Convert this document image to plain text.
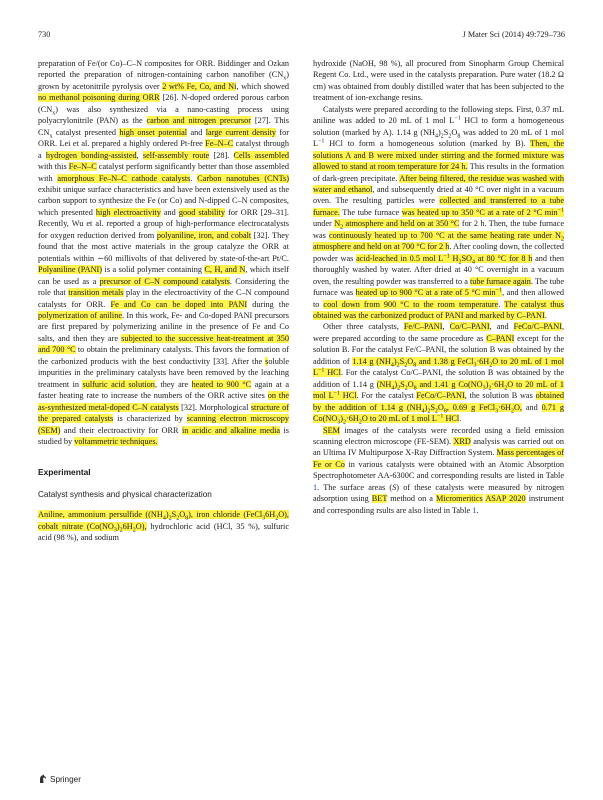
730	J Mater Sci (2014) 49:729–736

preparation of Fe/(or Co)–C–N composites for ORR. Biddinger and Ozkan reported the preparation of nitrogen-containing carbon nanofiber $(CN_x)$ grown by acetonitrile pyrolysis over 2 wt% Fe, Co, and Ni, which showed no methanol poisoning during ORR [26]. N-doped ordered porous carbon $(CN_x)$ was also synthesized via a nano-casting process using polyacrylonitrile (PAN) as the carbon and nitrogen precursor [27]. This $CN_x$ catalyst presented high onset potential and large current density for ORR. Lei et al. prepared a highly ordered Pt-free Fe–N–C catalyst through a hydrogen bonding-assisted, self-assembly route [28]. Cells assembled with this Fe–N–C catalyst perform significantly better than those assembled with amorphous Fe–N–C cathode catalysts. Carbon nanotubes (CNTs) exhibit unique surface characteristics and have been extensively used as the carbon support to synthesize the Fe (or Co) and N-dipped C–N composites, which presented high electroactivity and good stability for ORR [29–31]. Recently, Wu et al. reported a group of high-performance electrocatalysts for oxygen reduction derived from polyaniline, iron, and cobalt [32]. They found that the most active materials in the group catalyze the ORR at potentials within ∼60 millivolts of that delivered by state-of-the-art Pt/C. Polyaniline (PANI) is a solid polymer containing C, H, and N, which itself can be used as a precursor of C–N compound catalysts. Considering the role that transition metals play in the electroactivity of the C–N compound catalysts for ORR. Fe and Co can be doped into PANI during the polymerization of aniline. In this work, Fe- and Co-doped PANI precursors are first prepared by polymerizing aniline in the presence of Fe and Co salts, and then they are subjected to the successive heat-treatment at 350 and 700 °C to obtain the preliminary catalysts. This favors the formation of the carbonized products with the best conductivity [33]. After the soluble impurities in the preliminary catalysts have been removed by the leaching treatment in sulfuric acid solution, they are heated to 900 °C again at a faster heating rate to increase the numbers of the ORR active sites on the as-synthesized metal-doped C–N catalysts [32]. Morphological structure of the prepared catalysts is characterized by scanning electron microscopy (SEM) and their electroactivity for ORR in acidic and alkaline media is studied by voltammetric techniques.

Experimental
Catalyst synthesis and physical characterization

Aniline, ammonium persulfide $((NH_4)_2S_2O_8)$, iron chloride $(FeCl_36H_2O)$, cobalt nitrate $(Co(NO_3)_26H_2O)$, hydrochloric acid (HCl, 35 %), sulfuric acid (98 %), and sodium

hydroxide (NaOH, 98 %), all procured from Sinopharm Group Chemical Regent Co. Ltd., were used in the catalysts preparation. Pure water (18.2 Ω cm) was obtained from doubly distilled water that has been subjected to the treatment of ion-exchange resins.

Catalysts were prepared according to the following steps. First, 0.37 mL aniline was added to 20 mL of 1 mol $L^{-1}$ HCl to form a homogeneous solution (marked by A). 1.14 g $(NH_4)_2S_2O_8$ was added to 20 mL of 1 mol $L^{-1}$ HCl to form a homogeneous solution (marked by B). Then, the solutions A and B were mixed under stirring and the formed mixture was allowed to stand at room temperature for 24 h. This results in the formation of dark-green precipitate. After being filtered, the residue was washed with water and ethanol, and subsequently dried at 40 °C over night in a vacuum oven. The resulting particles were collected and transferred to a tube furnace. The tube furnace was heated up to 350 °C at a rate of 2 °C $\min^{-1}$ under $N_2$ atmosphere and held on at 350 °C for 2 h. Then, the tube furnace was continuously heated up to 700 °C at the same heating rate under $N_2$ atmosphere and held on at 700 °C for 2 h. After cooling down, the collected powder was acid-leached in 0.5 mol $L^{-1}$ $H_2SO_4$ at 80 °C for 8 h and then thoroughly washed by water. After dried at 40 °C overnight in a vacuum oven, the resulting powder was transferred to a tube furnace again. The tube furnace was heated up to 900 °C at a rate of 5 °C $\min^{-1}$, and then allowed to cool down from 900 °C to the room temperature. The catalyst thus obtained was the carbonized product of PANI and marked by C–PANI.

Other three catalysts, Fe/C–PANI, Co/C–PANI, and FeCo/C–PANI, were prepared according to the same procedure as C–PANI except for the solution B. For the catalyst Fe/C–PANI, the solution B was obtained by the addition of 1.14 g $(NH_4)_2S_2O_8$ and 1.38 g $FeCl_3\cdot 6H_2O$ to 20 mL of 1 mol $L^{-1}$ HCl. For the catalyst Co/C–PANI, the solution B was obtained by the addition of 1.14 g $(NH_4)_2S_2O_8$ and 1.41 g $Co(NO_3)_2\cdot 6H_2O$ to 20 mL of 1 mol $L^{-1}$ HCl. For the catalyst FeCo/C–PANI, the solution B was obtained by the addition of 1.14 g $(NH_4)_2S_2O_8$, 0.69 g $FeCl_3\cdot 6H_2O$, and 0.71 g $Co(NO_3)_2\cdot 6H_2O$ to 20 mL of 1 mol $L^{-1}$ HCl.

SEM images of the catalysts were recorded using a field emission scanning electron microscope (FE-SEM). XRD analysis was carried out on an Ultima IV Multipurpose X-Ray Diffraction System. Mass percentages of Fe or Co in various catalysts were obtained with an Atomic Absorption Spectrophotometer AA-6300C and corresponding results are listed in Table 1. The surface areas (S) of these catalysts were measured by nitrogen adsorption using BET method on a Micromeritics ASAP 2020 instrument and corresponding rsults are also listed in Table 1.

Springer
